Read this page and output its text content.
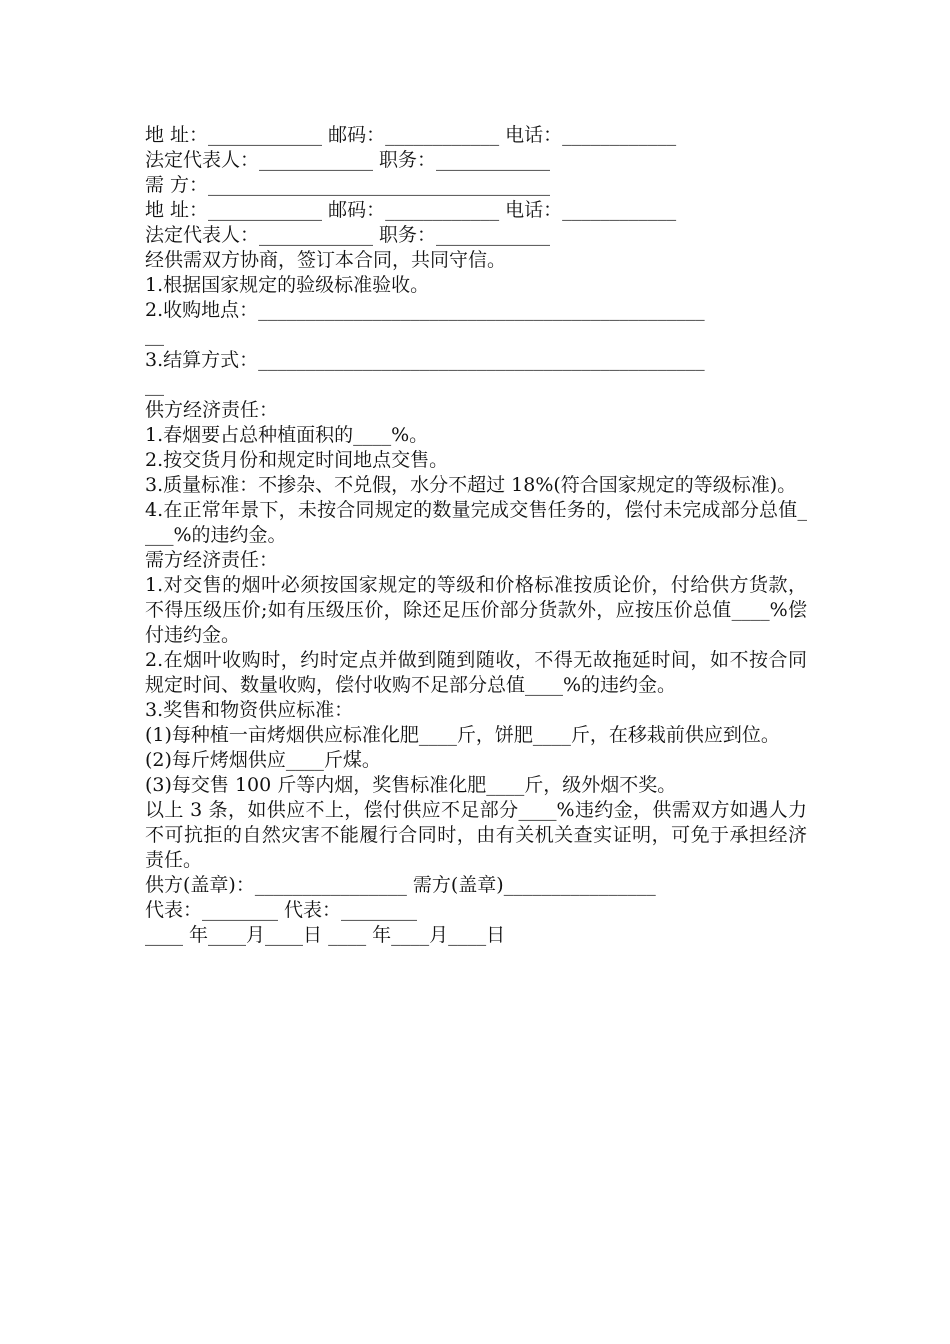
地 址：____________ 邮码：____________ 电话：____________
法定代表人：____________ 职务：____________
需 方：____________________________________
地 址：____________ 邮码：____________ 电话：____________
法定代表人：____________ 职务：____________
经供需双方协商，签订本合同，共同守信。
1.根据国家规定的验级标准验收。
2.收购地点：_______________________________________________
__
3.结算方式：_______________________________________________
__
供方经济责任：
1.春烟要占总种植面积的____%。
2.按交货月份和规定时间地点交售。
3.质量标准：不掺杂、不兑假，水分不超过 18%(符合国家规定的等级标准)。
4.在正常年景下，未按合同规定的数量完成交售任务的，偿付未完成部分总值____%的违约金。
需方经济责任：
1.对交售的烟叶必须按国家规定的等级和价格标准按质论价，付给供方货款，不得压级压价;如有压级压价，除还足压价部分货款外，应按压价总值____%偿付违约金。
2.在烟叶收购时，约时定点并做到随到随收，不得无故拖延时间，如不按合同规定时间、数量收购，偿付收购不足部分总值____%的违约金。
3.奖售和物资供应标准：
(1)每种植一亩烤烟供应标准化肥____斤，饼肥____斤，在移栽前供应到位。
(2)每斤烤烟供应____斤煤。
(3)每交售 100 斤等内烟，奖售标准化肥____斤，级外烟不奖。
以上 3 条，如供应不上，偿付供应不足部分____%违约金，供需双方如遇人力不可抗拒的自然灾害不能履行合同时，由有关机关查实证明，可免于承担经济责任。
供方(盖章)：________________ 需方(盖章)________________
代表：________ 代表：________
____ 年____月____日 ____ 年____月____日
